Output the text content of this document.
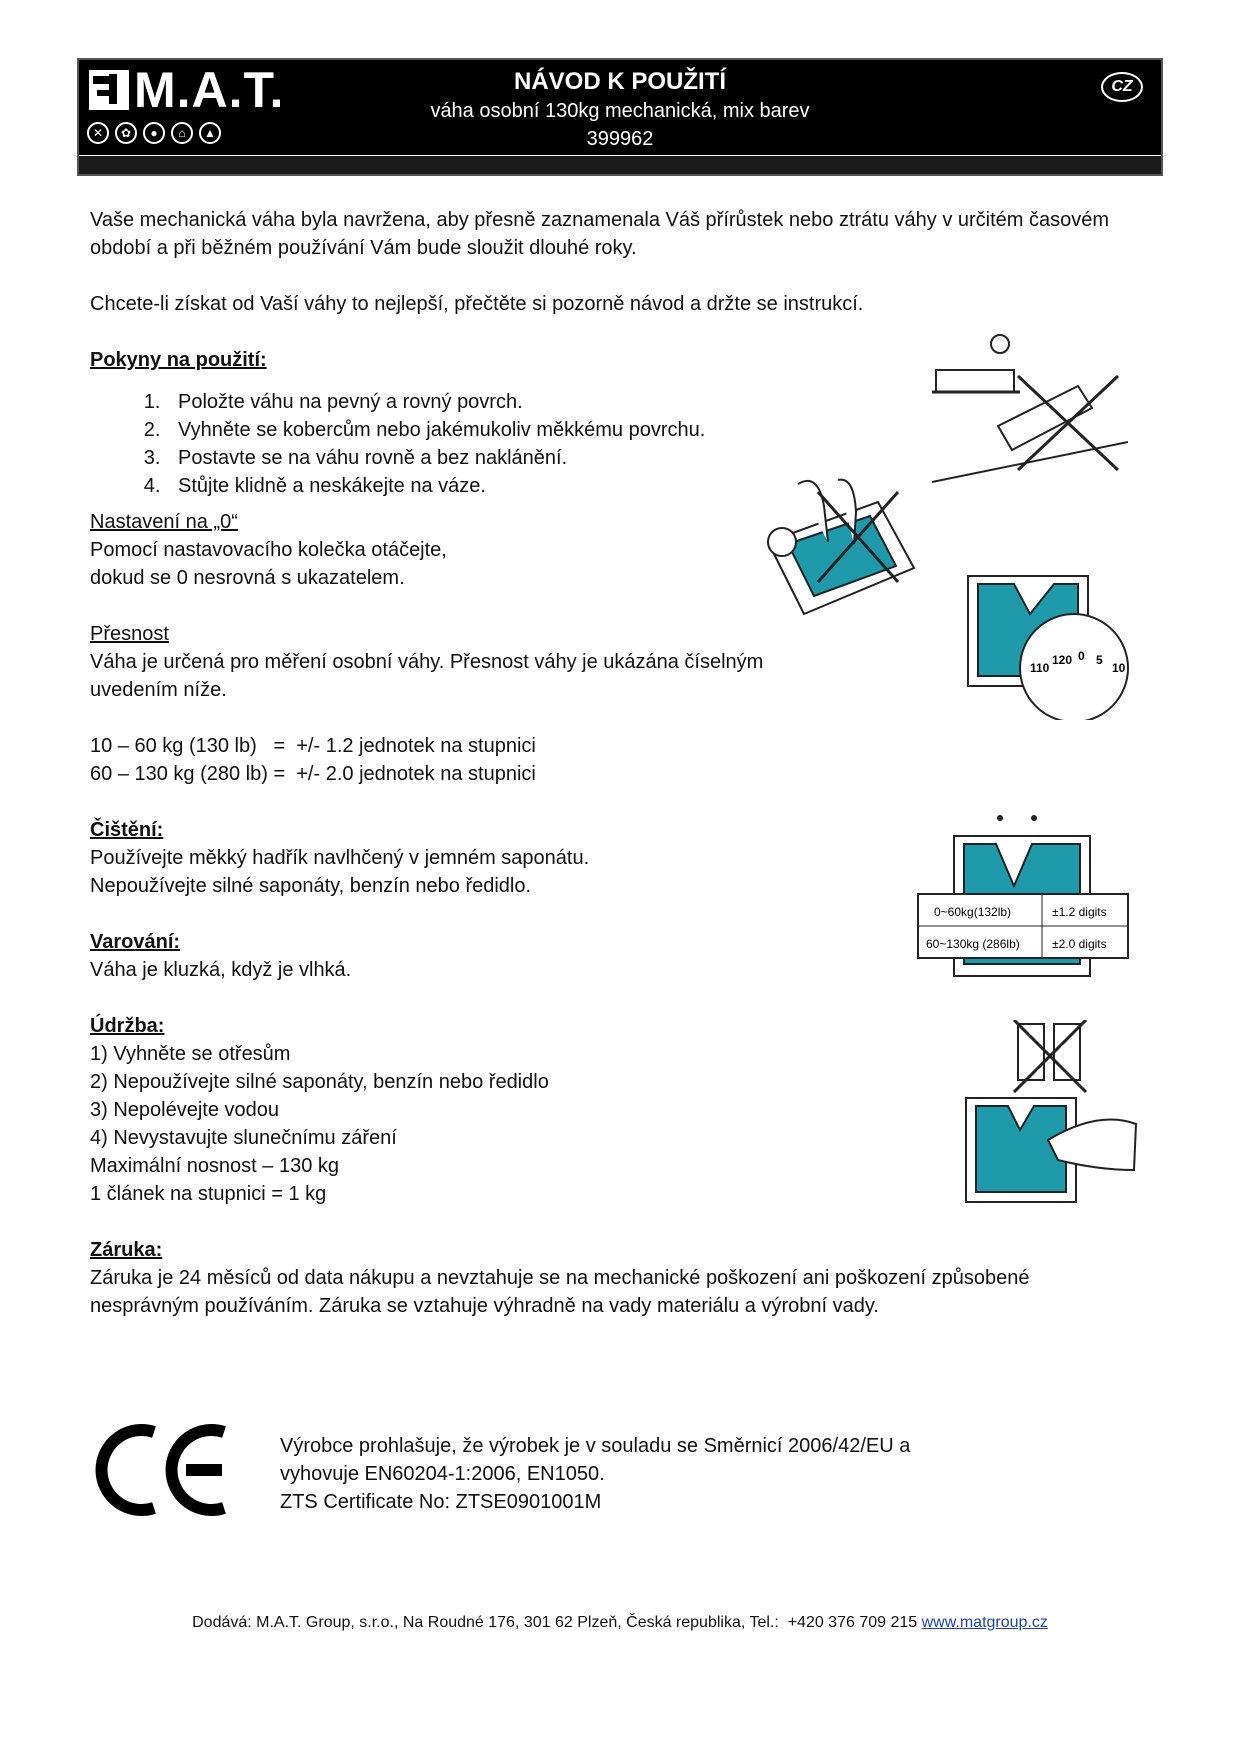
M.A.T.
✕	✿	●	⌂	▲
NÁVOD K POUŽITÍ
váha osobní 130kg mechanická, mix barev
399962
CZ

Vaše mechanická váha byla navržena, aby přesně zaznamenala Váš přírůstek nebo ztrátu váhy v určitém časovém období a při běžném používání Vám bude sloužit dlouhé roky.

Chcete-li získat od Vaší váhy to nejlepší, přečtěte si pozorně návod a držte se instrukcí.

Pokyny na použití:

1. Položte váhu na pevný a rovný povrch.
2. Vyhněte se kobercům nebo jakémukoliv měkkému povrchu.
3. Postavte se na váhu rovně a bez naklánění.
4. Stůjte klidně a neskákejte na váze.

Nastavení na „0“

Pomocí nastavovacího kolečka otáčejte,

dokud se 0 nesrovná s ukazatelem.

Přesnost

Váha je určená pro měření osobní váhy. Přesnost váhy je ukázána číselným uvedením níže.

10 – 60 kg (130 lb)   =  +/- 1.2 jednotek na stupnici

60 – 130 kg (280 lb) =  +/- 2.0 jednotek na stupnici

Čištění:

Používejte měkký hadřík navlhčený v jemném saponátu.

Nepoužívejte silné saponáty, benzín nebo ředidlo.

Varování:

Váha je kluzká, když je vlhká.

Údržba:

1) Vyhněte se otřesům

2) Nepoužívejte silné saponáty, benzín nebo ředidlo

3) Nepolévejte vodou

4) Nevystavujte slunečnímu záření

Maximální nosnost – 130 kg

1 článek na stupnici = 1 kg

Záruka:

Záruka je 24 měsíců od data nákupu a nevztahuje se na mechanické poškození ani poškození způsobené nesprávným používáním. Záruka se vztahuje výhradně na vady materiálu a výrobní vady.

110
120 0 5
10
0~60kg(132lb)	±1.2 digits
60~130kg (286lb)	±2.0 digits
Výrobce prohlašuje, že výrobek je v souladu se Směrnicí 2006/42/EU a
vyhovuje EN60204-1:2006, EN1050.
ZTS Certificate No: ZTSE0901001M
Dodává: M.A.T. Group, s.r.o., Na Roudné 176, 301 62 Plzeň, Česká republika, Tel.:  +420 376 709 215 www.matgroup.cz
